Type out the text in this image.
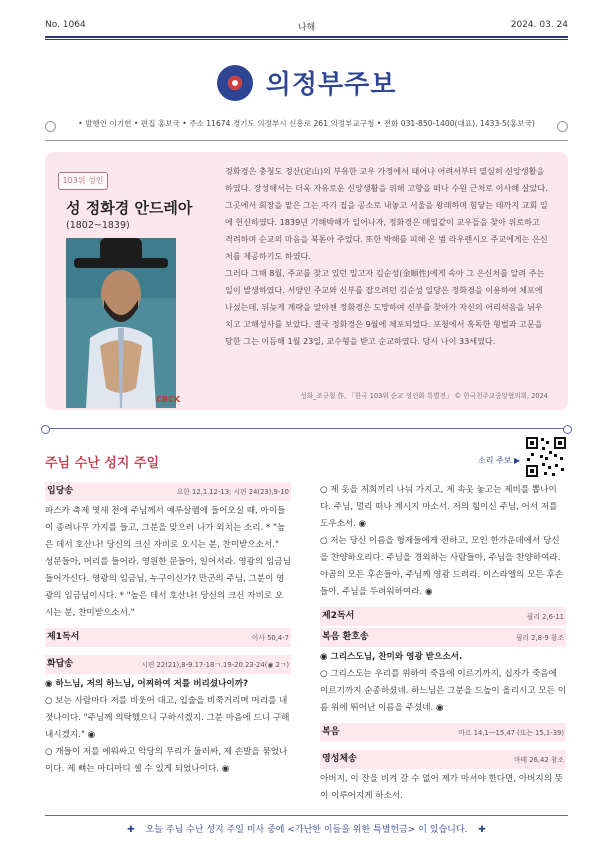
No. 1064	나해	2024. 03. 24
의정부주보
• 발행인 이기헌 • 편집 홍보국 • 주소 11674 경기도 의정부시 신흥로 261 의정부교구청 • 전화 031-850-1400(대표), 1433-5(홍보국)
103위 성인
성 정화경 안드레아
(1802~1839)
CBCK
정화경은 충청도 정산(定山)의 부유한 교우 가정에서 태어나 어려서부터 열심히 신앙생활을 하였다. 장성해서는 더욱 자유로운 신앙생활을 위해 고향을 떠나 수원 근처로 이사해 살았다. 그곳에서 회장을 맡은 그는 자기 집을 공소로 내놓고 서울을 왕래하며 힘닿는 데까지 교회 일에 헌신하였다. 1839년 기해박해가 일어나자, 정화경은 매일같이 교우들을 찾아 위로하고 격려하며 순교의 마음을 북돋아 주었다. 또한 박해를 피해 온 범 라우렌시오 주교에게는 은신처를 제공하기도 하였다.
그러다 그해 8월, 주교를 찾고 있던 밀고자 김순성(金順性)에게 속아 그 은신처를 알려 주는 일이 발생하였다. 서양인 주교와 신부를 잡으려던 김순성 일당은 정화경을 이용하여 체포에 나섰는데, 뒤늦게 계략을 알아챈 정화경은 도망하여 신부를 찾아가 자신의 어리석음을 뉘우치고 고해성사를 보았다. 결국 정화경은 9월에 체포되었다. 포청에서 혹독한 형벌과 고문을 당한 그는 이듬해 1월 23일, 교수형을 받고 순교하였다. 당시 나이 33세였다.
성화_조규철 作, 「한국 103위 순교 성인화 특별전」 © 한국천주교중앙협의회, 2024
주님 수난 성지 주일	소리 주보 ▶
입당송	요한 12,1.12-13; 시편 24(23),9-10
파스카 축제 엿새 전에 주님께서 예루살렘에 들어오실 때, 아이들이 종려나무 가지를 들고, 그분을 맞으러 나가 외치는 소리. * "높은 데서 호산나! 당신의 크신 자비로 오시는 분, 찬미받으소서."
성문들아, 머리를 들어라. 영원한 문들아, 일어서라. 영광의 임금님 들어가신다. 영광의 임금님, 누구이신가? 만군의 주님, 그분이 영광의 임금님이시다. * "높은 데서 호산나! 당신의 크신 자비로 오시는 분, 찬미받으소서."
제1독서	이사 50,4-7
화답송	시편 22(21),8-9.17-18ㄱ.19-20.23-24(◉ 2ㄱ)
◉ 하느님, 저의 하느님, 어찌하여 저를 버리셨나이까?
○ 보는 사람마다 저를 비웃어 대고, 입술을 비쭉거리며 머리를 내젓나이다. "주님께 의탁했으니 구하시겠지. 그분 마음에 드니 구해 내시겠지." ◉
○ 개들이 저를 에워싸고 악당의 무리가 둘러싸, 제 손발을 묶었나이다. 제 뼈는 마디마디 셀 수 있게 되었나이다. ◉
○ 제 옷을 저희끼리 나눠 가지고, 제 속옷 놓고는 제비를 뽑나이다. 주님, 멀리 떠나 계시지 마소서. 저의 힘이신 주님, 어서 저를 도우소서. ◉
○ 저는 당신 이름을 형제들에게 전하고, 모인 한가운데에서 당신을 찬양하오리다. 주님을 경외하는 사람들아, 주님을 찬양하여라. 야곱의 모든 후손들아, 주님께 영광 드려라. 이스라엘의 모든 후손들아, 주님을 두려워하여라. ◉
제2독서	필리 2,6-11
복음 환호송	필리 2,8-9 참조
◉ 그리스도님, 찬미와 영광 받으소서.
○ 그리스도는 우리를 위하여 죽음에 이르기까지, 십자가 죽음에 이르기까지 순종하셨네. 하느님은 그분을 드높이 올리시고 모든 이름 위에 뛰어난 이름을 주셨네. ◉
복음	마르 14,1―15,47 (또는 15,1-39)
영성체송	마태 26,42 참조
아버지, 이 잔을 비켜 갈 수 없어 제가 마셔야 한다면, 아버지의 뜻이 이루어지게 하소서.
✚ 오늘 주님 수난 성지 주일 미사 중에 <가난한 이들을 위한 특별헌금> 이 있습니다. ✚
